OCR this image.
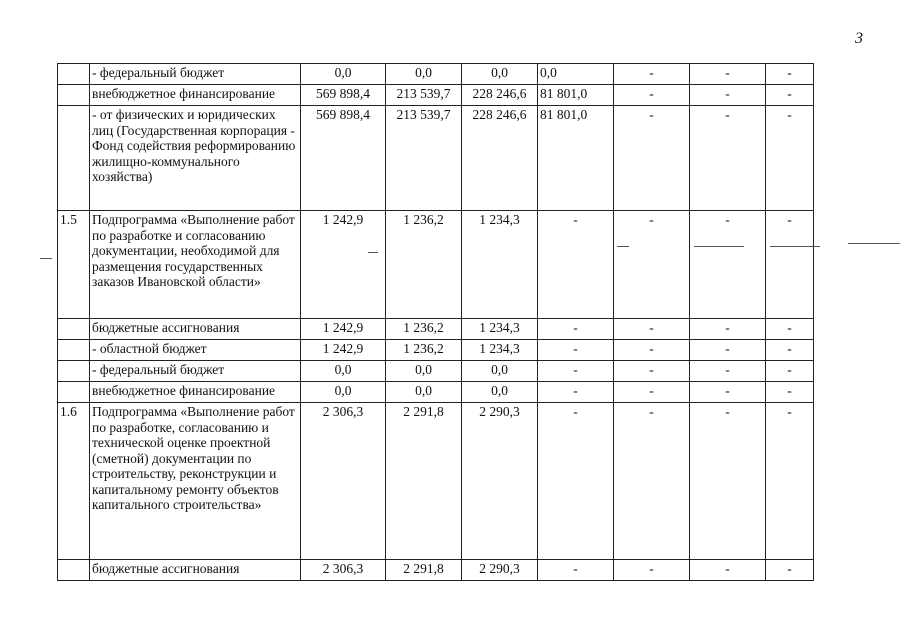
3
	- федеральный бюджет	0,0	0,0	0,0	0,0	-	-	-
	внебюджетное финансирование	569 898,4	213 539,7	228 246,6	81 801,0	-	-	-
	- от физических и юридических лиц (Государственная корпорация - Фонд содействия реформированию жилищно-коммунального хозяйства)	569 898,4	213 539,7	228 246,6	81 801,0	-	-	-
1.5	Подпрограмма «Выполнение работ по разработке и согласованию документации, необходимой для размещения государственных заказов Ивановской области»	1 242,9	1 236,2	1 234,3	-	-	-	-
	бюджетные ассигнования	1 242,9	1 236,2	1 234,3	-	-	-	-
	- областной бюджет	1 242,9	1 236,2	1 234,3	-	-	-	-
	- федеральный бюджет	0,0	0,0	0,0	-	-	-	-
	внебюджетное финансирование	0,0	0,0	0,0	-	-	-	-
1.6	Подпрограмма «Выполнение работ по разработке, согласованию и технической оценке проектной (сметной) документации по строительству, реконструкции и капитальному ремонту объектов капитального строительства»	2 306,3	2 291,8	2 290,3	-	-	-	-
	бюджетные ассигнования	2 306,3	2 291,8	2 290,3	-	-	-	-
